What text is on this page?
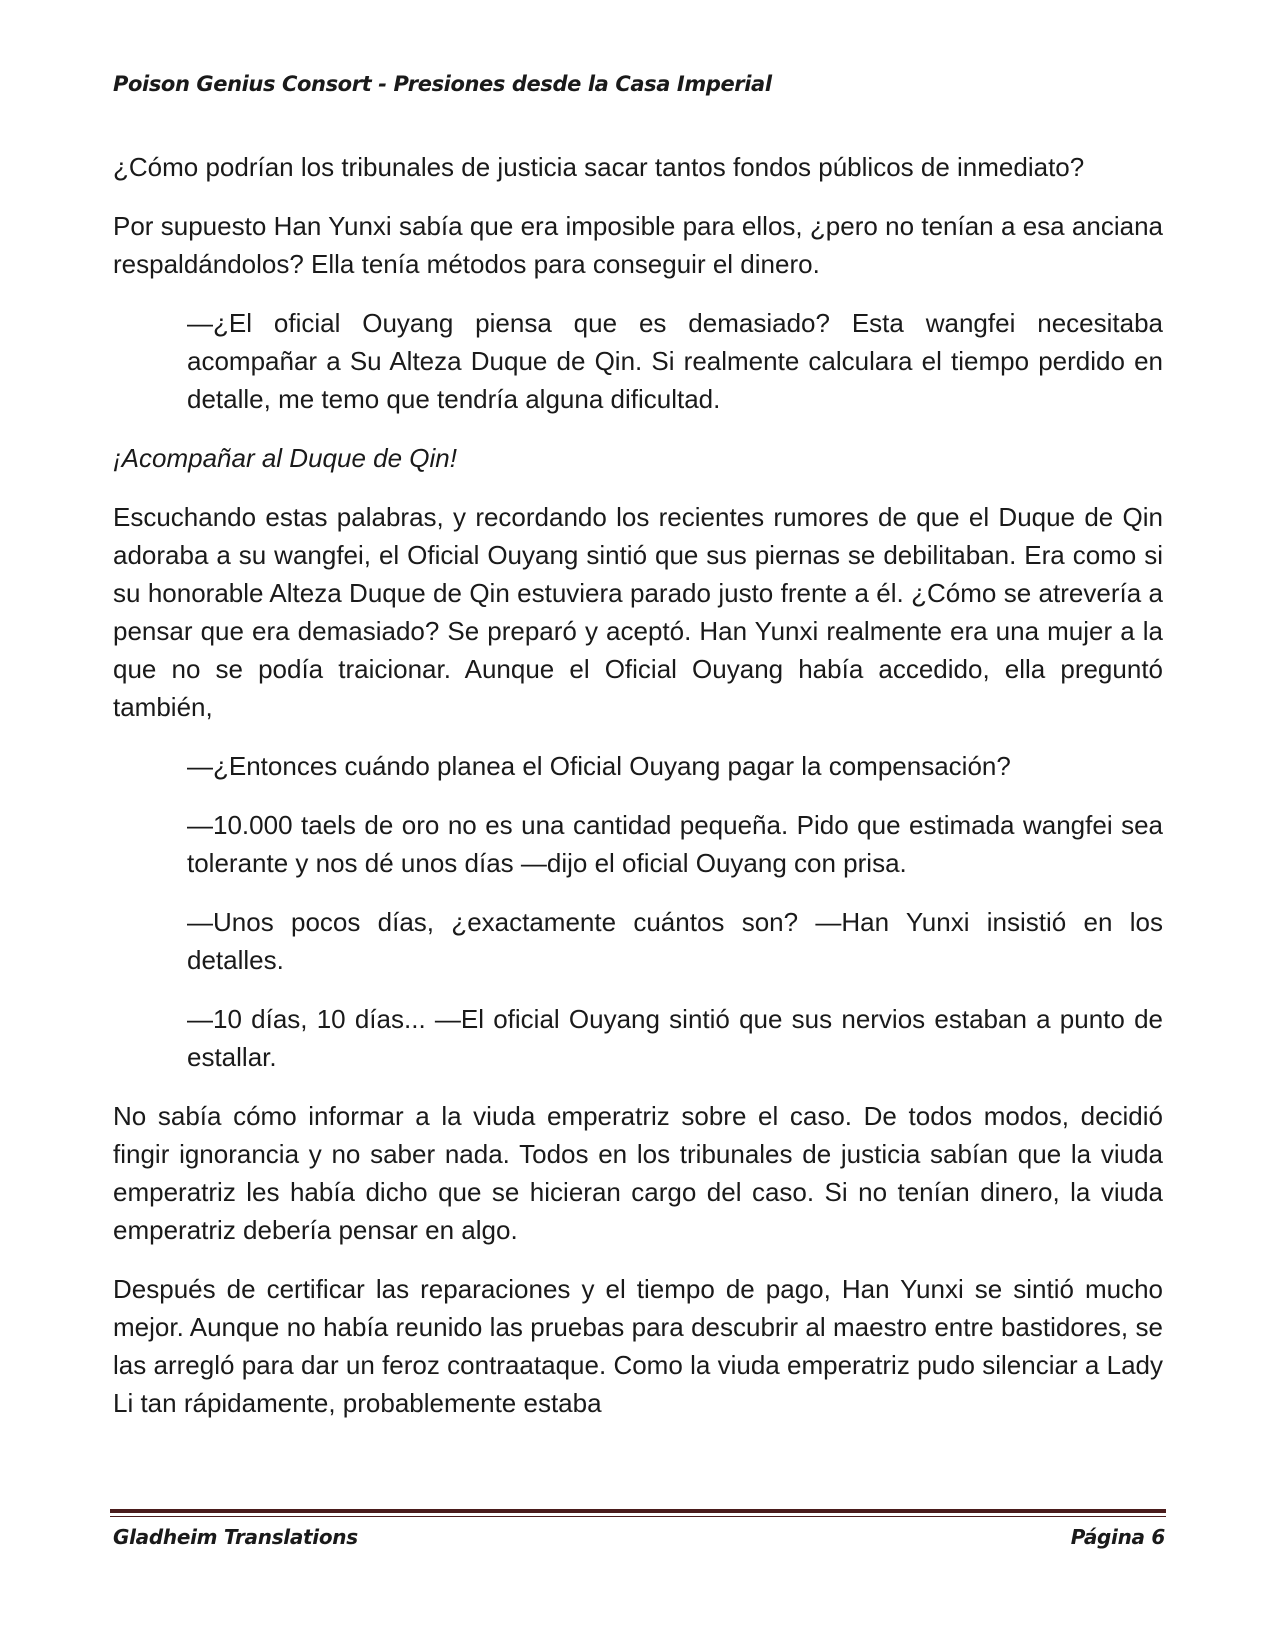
Poison Genius Consort - Presiones desde la Casa Imperial

¿Cómo podrían los tribunales de justicia sacar tantos fondos públicos de inmediato?

Por supuesto Han Yunxi sabía que era imposible para ellos, ¿pero no tenían a esa anciana respaldándolos? Ella tenía métodos para conseguir el dinero.

—¿El oficial Ouyang piensa que es demasiado? Esta wangfei necesitaba acompañar a Su Alteza Duque de Qin. Si realmente calculara el tiempo perdido en detalle, me temo que tendría alguna dificultad.

¡Acompañar al Duque de Qin!

Escuchando estas palabras, y recordando los recientes rumores de que el Duque de Qin adoraba a su wangfei, el Oficial Ouyang sintió que sus piernas se debilitaban. Era como si su honorable Alteza Duque de Qin estuviera parado justo frente a él. ¿Cómo se atrevería a pensar que era demasiado? Se preparó y aceptó. Han Yunxi realmente era una mujer a la que no se podía traicionar. Aunque el Oficial Ouyang había accedido, ella preguntó también,

—¿Entonces cuándo planea el Oficial Ouyang pagar la compensación?

—10.000 taels de oro no es una cantidad pequeña. Pido que estimada wangfei sea tolerante y nos dé unos días —dijo el oficial Ouyang con prisa.

—Unos pocos días, ¿exactamente cuántos son? —Han Yunxi insistió en los detalles.

—10 días, 10 días... —El oficial Ouyang sintió que sus nervios estaban a punto de estallar.

No sabía cómo informar a la viuda emperatriz sobre el caso. De todos modos, decidió fingir ignorancia y no saber nada. Todos en los tribunales de justicia sabían que la viuda emperatriz les había dicho que se hicieran cargo del caso. Si no tenían dinero, la viuda emperatriz debería pensar en algo.

Después de certificar las reparaciones y el tiempo de pago, Han Yunxi se sintió mucho mejor. Aunque no había reunido las pruebas para descubrir al maestro entre bastidores, se las arregló para dar un feroz contraataque. Como la viuda emperatriz pudo silenciar a Lady Li tan rápidamente, probablemente estaba

Gladheim Translations	Página 6
